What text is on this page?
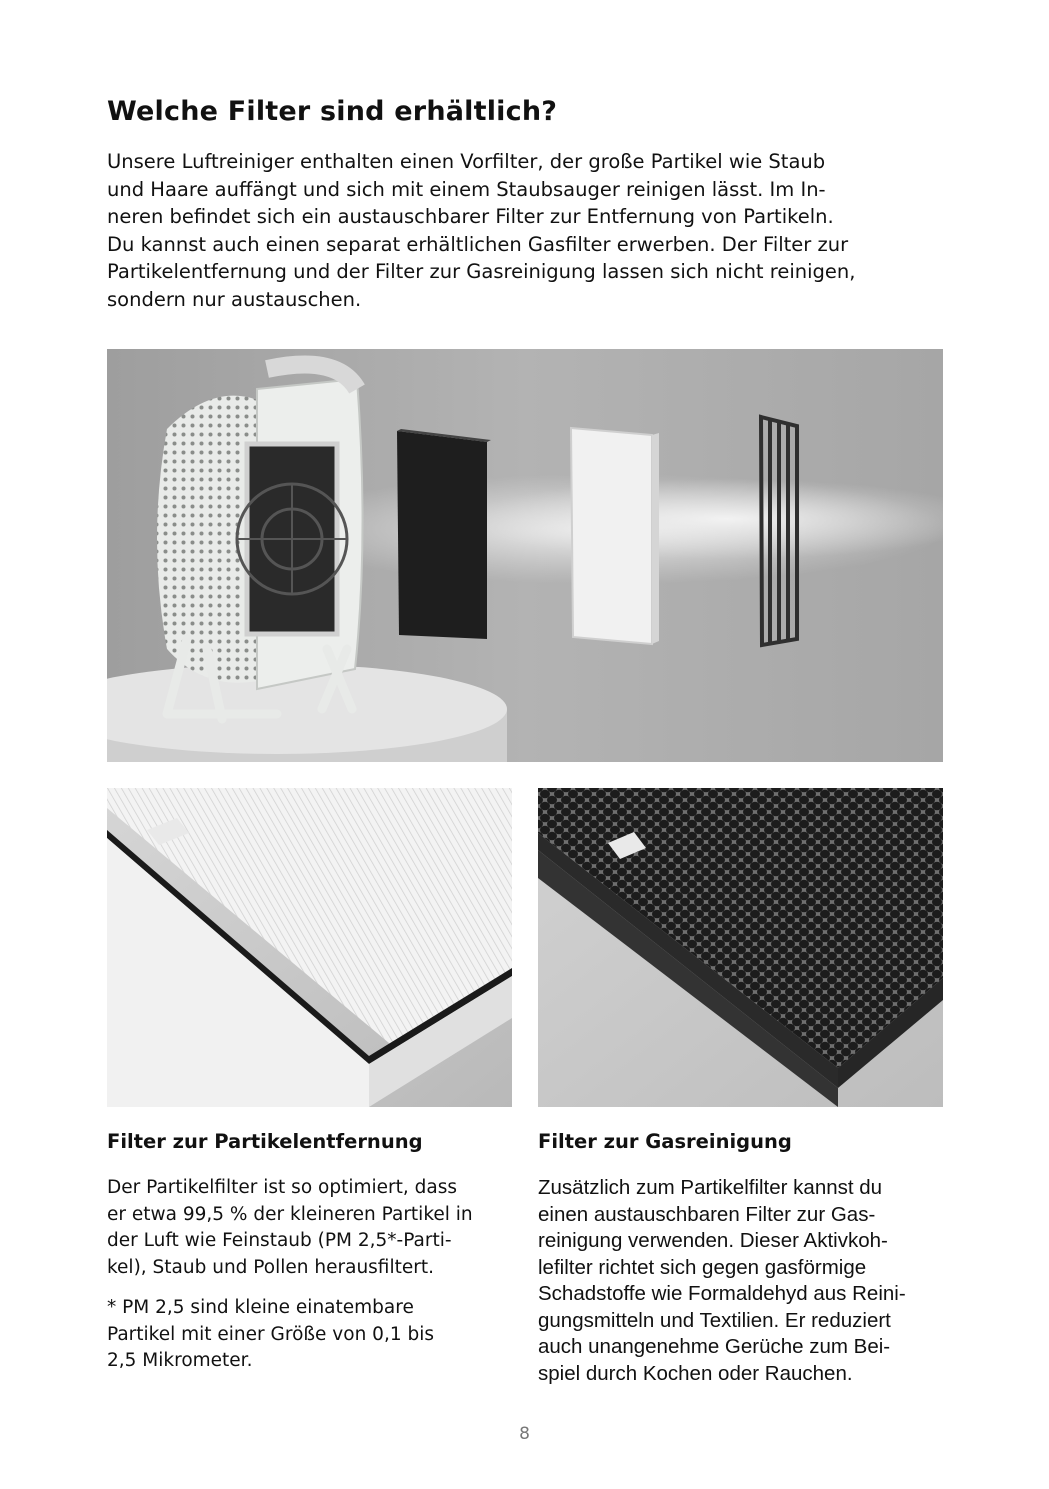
Welche Filter sind erhältlich?

Unsere Luftreiniger enthalten einen Vorfilter, der große Partikel wie Staub
und Haare auffängt und sich mit einem Staubsauger reinigen lässt. Im In-
neren befindet sich ein austauschbarer Filter zur Entfernung von Partikeln.
Du kannst auch einen separat erhältlichen Gasfilter erwerben. Der Filter zur
Partikelentfernung und der Filter zur Gasreinigung lassen sich nicht reinigen,
sondern nur austauschen.

Filter zur Partikelentfernung

Der Partikelfilter ist so optimiert, dass
er etwa 99,5 % der kleineren Partikel in
der Luft wie Feinstaub (PM 2,5*-Parti-
kel), Staub und Pollen herausfiltert.

* PM 2,5 sind kleine einatembare
Partikel mit einer Größe von 0,1 bis
2,5 Mikrometer.

Filter zur Gasreinigung

Zusätzlich zum Partikelfilter kannst du
einen austauschbaren Filter zur Gas-
reinigung verwenden. Dieser Aktivkoh-
lefilter richtet sich gegen gasförmige
Schadstoffe wie Formaldehyd aus Reini-
gungsmitteln und Textilien. Er reduziert
auch unangenehme Gerüche zum Bei-
spiel durch Kochen oder Rauchen.

8
